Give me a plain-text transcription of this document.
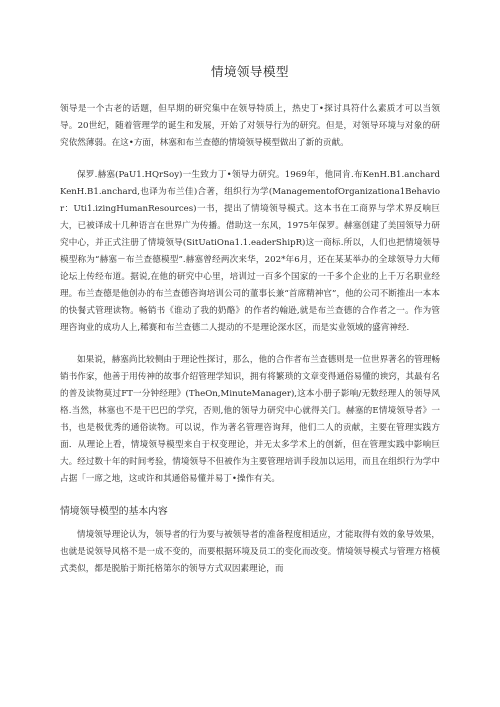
情境领导模型

领导是一个古老的话题，但早期的研究集中在领导特质上，热史丁•探讨具符什么素质才可以当领导。20世纪，随着管理学的诞生和发展，开始了对领导行为的研究。但是，对领导环境与对象的研究依然薄弱。在这•方面，林塞和布兰查德的情境领导模型做出了新的贡献。

保罗.赫塞(PaU1.HQrSoy)一生致力丁•领导力研究。1969年，他同肯.布KenH.B1.anchardKenH.B1.anchard,也译为布兰佳)合著，组织行为学(ManagementofOrganizationa1Behavior：Uti1.izingHumanResources)一书，提出了情境领导模式。这本书在工商界与学术界反响巨大，已被译成十几种语言在世界广为传播。借助这一东风，1975年保罗。赫塞创建了美国领导力研究中心，并正式注册了情境领导(SitUatiOna1.1.eaderShipR)这一商标.所以，人们也把情境领导模型称为“赫塞－布兰查德模型”.赫塞曾经两次来华，202*年6月，还在某某举办的全球领导力大师论坛上传经布道。据说,在他的研究中心里，培训过一百多个国家的一千多个企业的上千万名职业经理。布兰查德是他创办的布兰查德咨询培训公司的董事长兼“首席精神官”，他的公司不断推出一本本的快餐式管理读物。畅销书《谁动了我的奶酪》的作者约翰逊,就是布兰查德的合作者之一。作为管理咨询业的成功人上,稀赛和布兰查德二人提动的不是理论深水区，而是实业领域的盛宵神经.

如果说，赫塞尚比较侧由于理论性探讨，那么，他的合作者布兰查德则是一位世界著名的管理畅销书作家，他善于用传神的故事介绍管理学知识，拥有将繁琐的文章变得通俗易懂的谀窍，其最有名的普及读物莫过FT一分钟经理》(TheOn,MinuteManager),这本小册子影响/无数经理人的领导风格.当然，林塞也不是干巴巴的学究，否则,他的领导力研究中心就得关门。赫塞的E情境领导者》一书，也是极优秀的通俗读物。可以说，作为著名管理咨询拜，他们二人的贡献，主要在管理实践方面．从理论上看，情境领导模型来自于权变理论，并无太多学术上的创新，但在管理实践中影响巨大。经过数十年的时间考验，情境领导不但被作为主要管理培训手段加以运用，而且在组织行为学中占据「一席之地，这或许和其通俗易懂并易丁•操作有关。

情境领导模型的基本内容

情境领导理论认为，领导者的行为要与被领导者的准备程度相适应，才能取得有效的象导效果，也就是说领导风格不是一成不变的，而要根据环境及员工的变化而改变。情境领导模式与管理方格模式类似，都是脱胎于斯托格第尔的领导方式双因素理论，而
